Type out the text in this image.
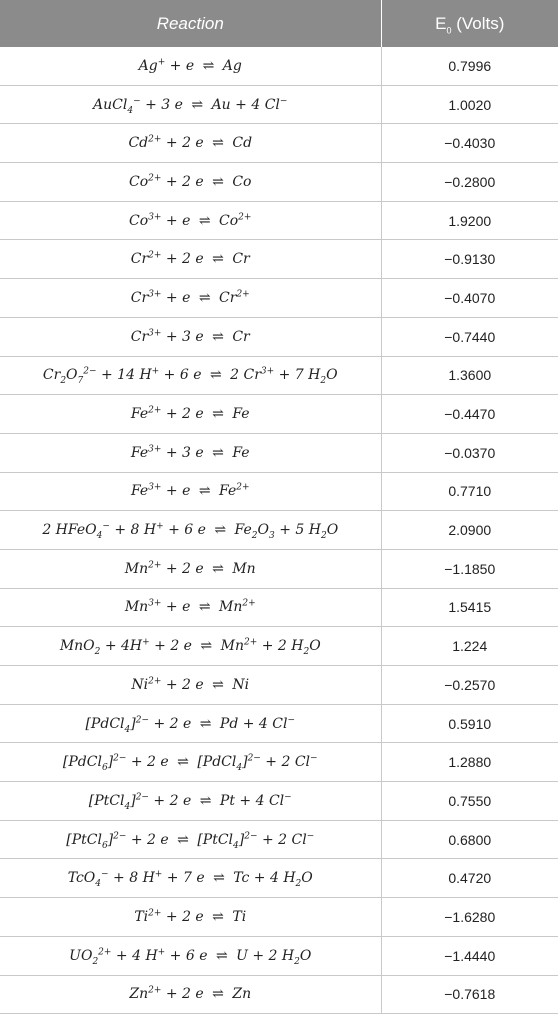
Reaction	$E_0$ (Volts)
Ag+ + e ⇌ Ag	0.7996
AuCl$_4$− + 3 e ⇌ Au + 4 Cl−	1.0020
$Cd^{2+} + 2$ e ⇌ Cd	−0.4030
$Co^{2+} + 2$ e ⇌ Co	−0.2800
$Co^{3+} + e$ ⇌ $Co^{2+}$	1.9200
$Cr^{2+} + 2$ e ⇌ Cr	−0.9130
$Cr^{3+} + e$ ⇌ $Cr^{2+}$	−0.4070
$Cr^{3+} + 3$ e ⇌ Cr	−0.7440
$Cr_2O_7^{2-} + 14$ H+ + 6 e ⇌ 2 $Cr^{3+} + 7$ $H_2O$	1.3600
$Fe^{2+} + 2$ e ⇌ Fe	−0.4470
$Fe^{3+} + 3$ e ⇌ Fe	−0.0370
$Fe^{3+} + e$ ⇌ $Fe^{2+}$	0.7710
2 HFeO$_4$− + 8 H+ + 6 e ⇌ $Fe_2O_3 + 5$ $H_2O$	2.0900
$Mn^{2+} + 2$ e ⇌ Mn	−1.1850
$Mn^{3+} + e$ ⇌ $Mn^{2+}$	1.5415
MnO$_2$ + 4H+ + 2 e ⇌ $Mn^{2+} + 2$ $H_2O$	1.224
$Ni^{2+} + 2$ e ⇌ Ni	−0.2570
[PdCl$_4$]$^{2-}$ + 2 e ⇌ Pd + 4 Cl−	0.5910
[PdCl$_6$]$^{2-}$ + 2 e ⇌ [PdCl$_4$]$^{2-}$ + 2 Cl−	1.2880
[PtCl$_4$]$^{2-}$ + 2 e ⇌ Pt + 4 Cl−	0.7550
[PtCl$_6$]$^{2-}$ + 2 e ⇌ [PtCl$_4$]$^{2-}$ + 2 Cl−	0.6800
TcO$_4$− + 8 H+ + 7 e ⇌ Tc + 4 $H_2O$	0.4720
$Ti^{2+} + 2$ e ⇌ Ti	−1.6280
$UO_2^{2+} + 4$ H+ + 6 e ⇌ U + 2 $H_2O$	−1.4440
$Zn^{2+} + 2$ e ⇌ Zn	−0.7618
